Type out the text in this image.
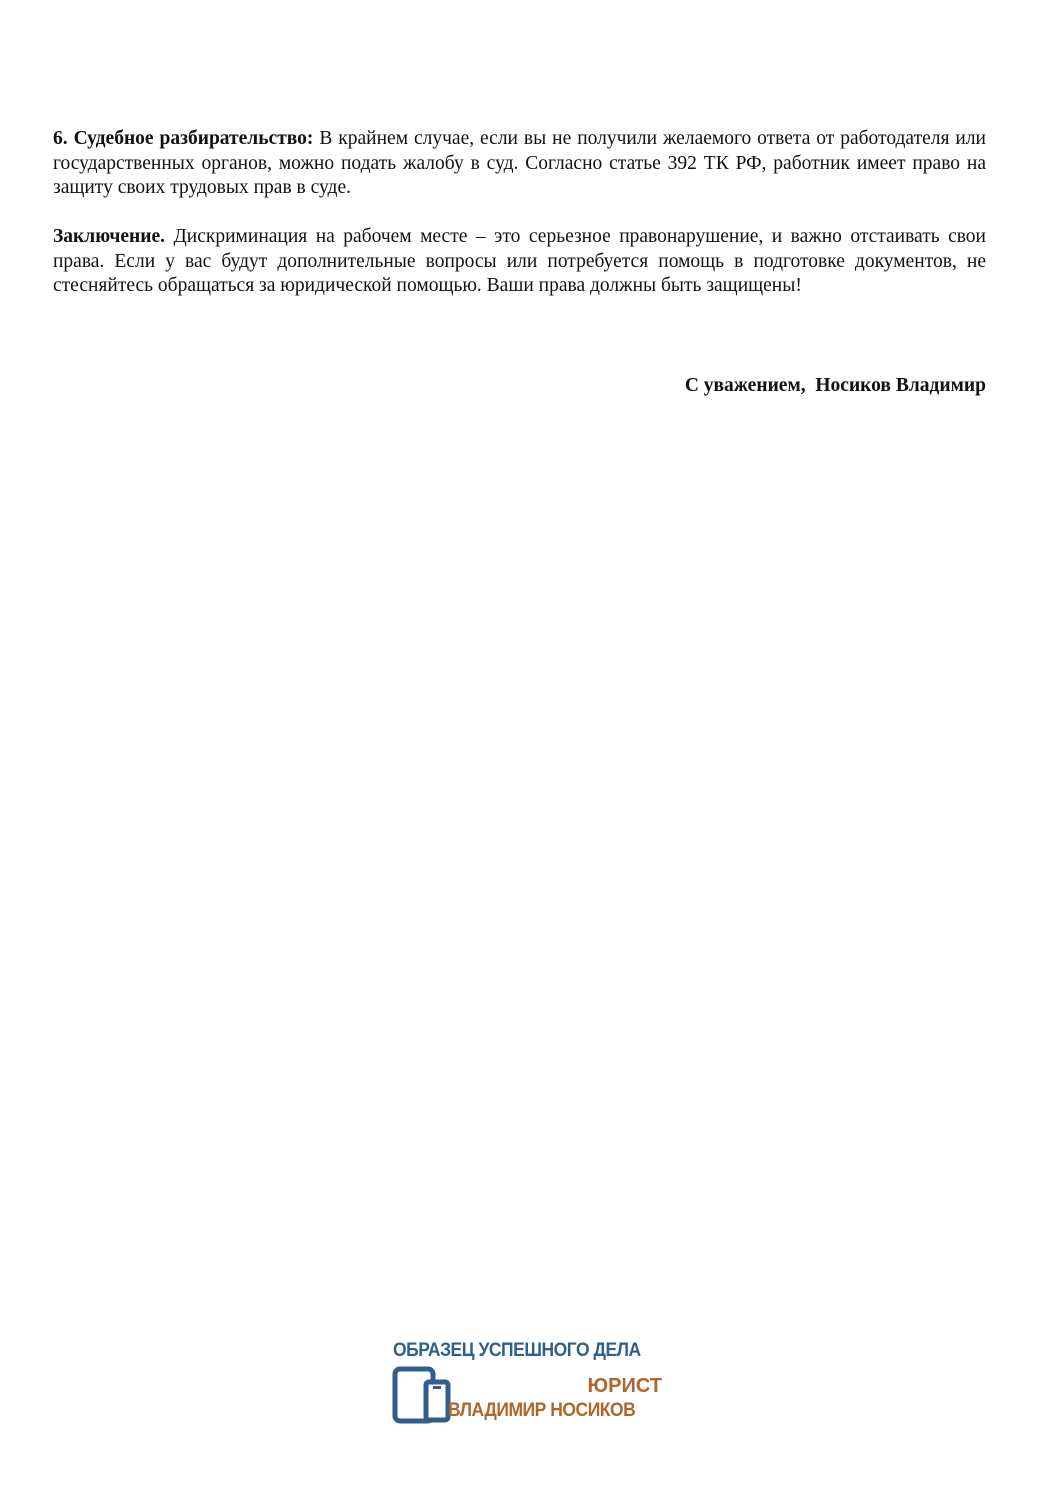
6. Судебное разбирательство: В крайнем случае, если вы не получили желаемого ответа от работодателя или государственных органов, можно подать жалобу в суд. Согласно статье 392 ТК РФ, работник имеет право на защиту своих трудовых прав в суде.

Заключение. Дискриминация на рабочем месте – это серьезное правонарушение, и важно отстаивать свои права. Если у вас будут дополнительные вопросы или потребуется помощь в подготовке документов, не стесняйтесь обращаться за юридической помощью. Ваши права должны быть защищены!

С уважением,  Носиков Владимир
ОБРАЗЕЦ УСПЕШНОГО ДЕЛА
ЮРИСТ
ВЛАДИМИР НОСИКОВ
